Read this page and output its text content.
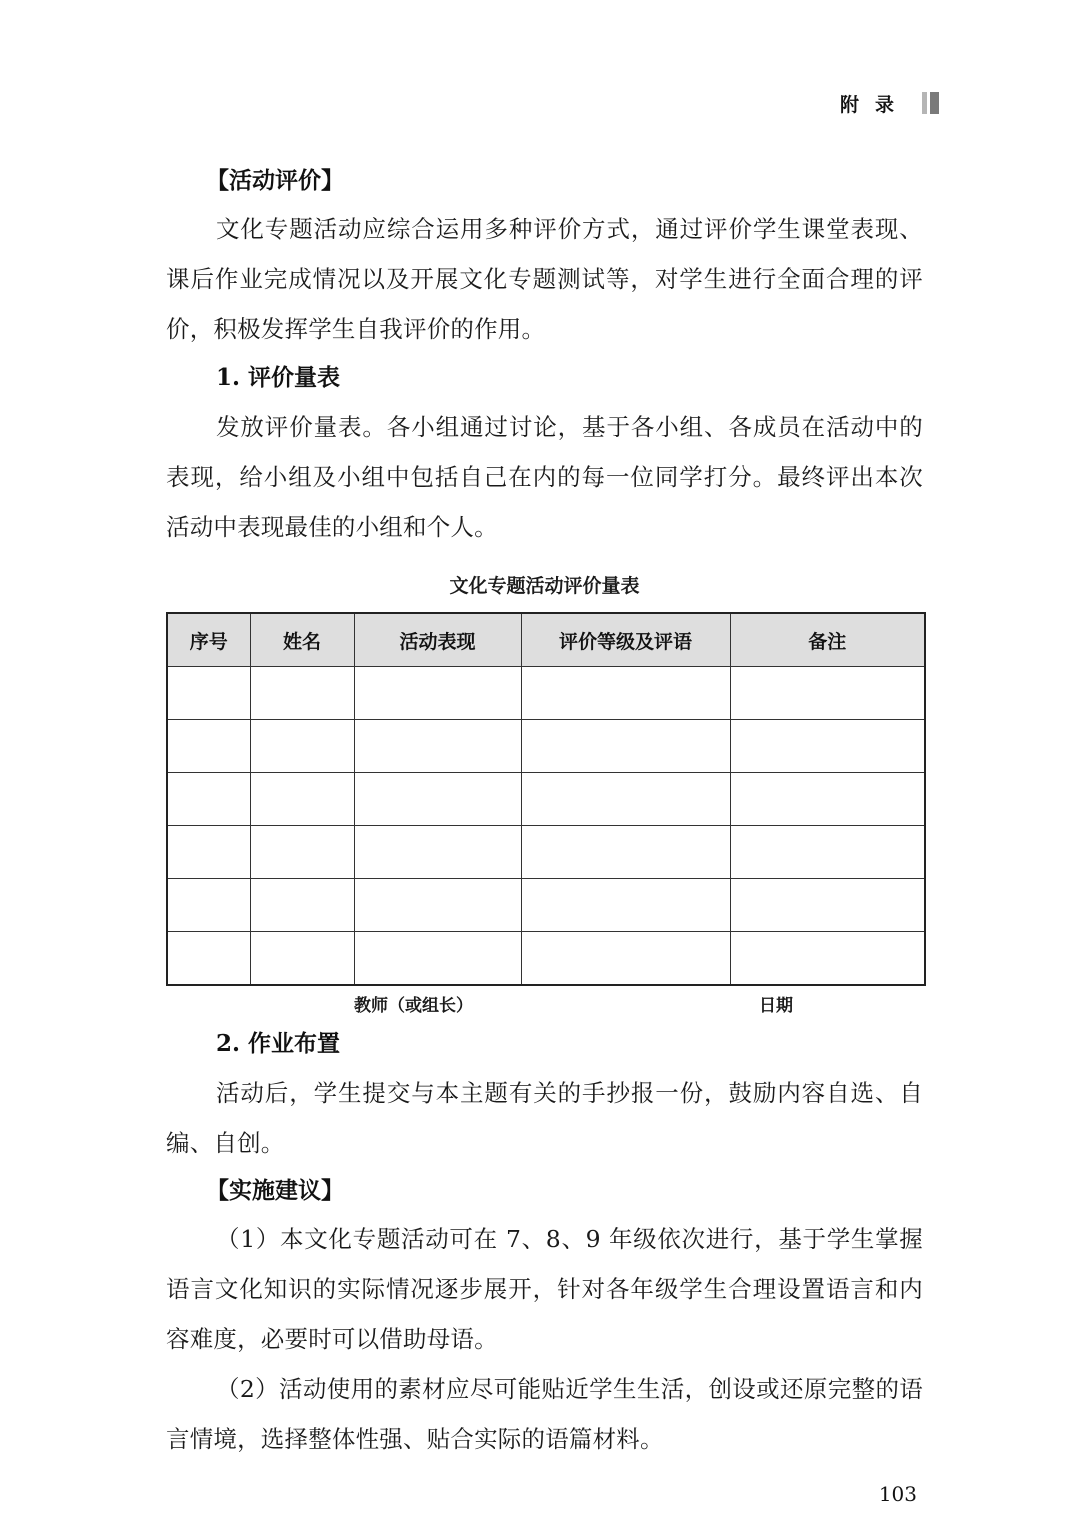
附录
【活动评价】

文化专题活动应综合运用多种评价方式，通过评价学生课堂表现、课后作业完成情况以及开展文化专题测试等，对学生进行全面合理的评价，积极发挥学生自我评价的作用。

1. 评价量表

发放评价量表。各小组通过讨论，基于各小组、各成员在活动中的表现，给小组及小组中包括自己在内的每一位同学打分。最终评出本次活动中表现最佳的小组和个人。

文化专题活动评价量表
序号	姓名	活动表现	评价等级及评语	备注

教师（或组长）	日期
2. 作业布置

活动后，学生提交与本主题有关的手抄报一份，鼓励内容自选、自编、自创。

【实施建议】

（1）本文化专题活动可在 7、8、9 年级依次进行，基于学生掌握语言文化知识的实际情况逐步展开，针对各年级学生合理设置语言和内容难度，必要时可以借助母语。

（2）活动使用的素材应尽可能贴近学生生活，创设或还原完整的语言情境，选择整体性强、贴合实际的语篇材料。

103
